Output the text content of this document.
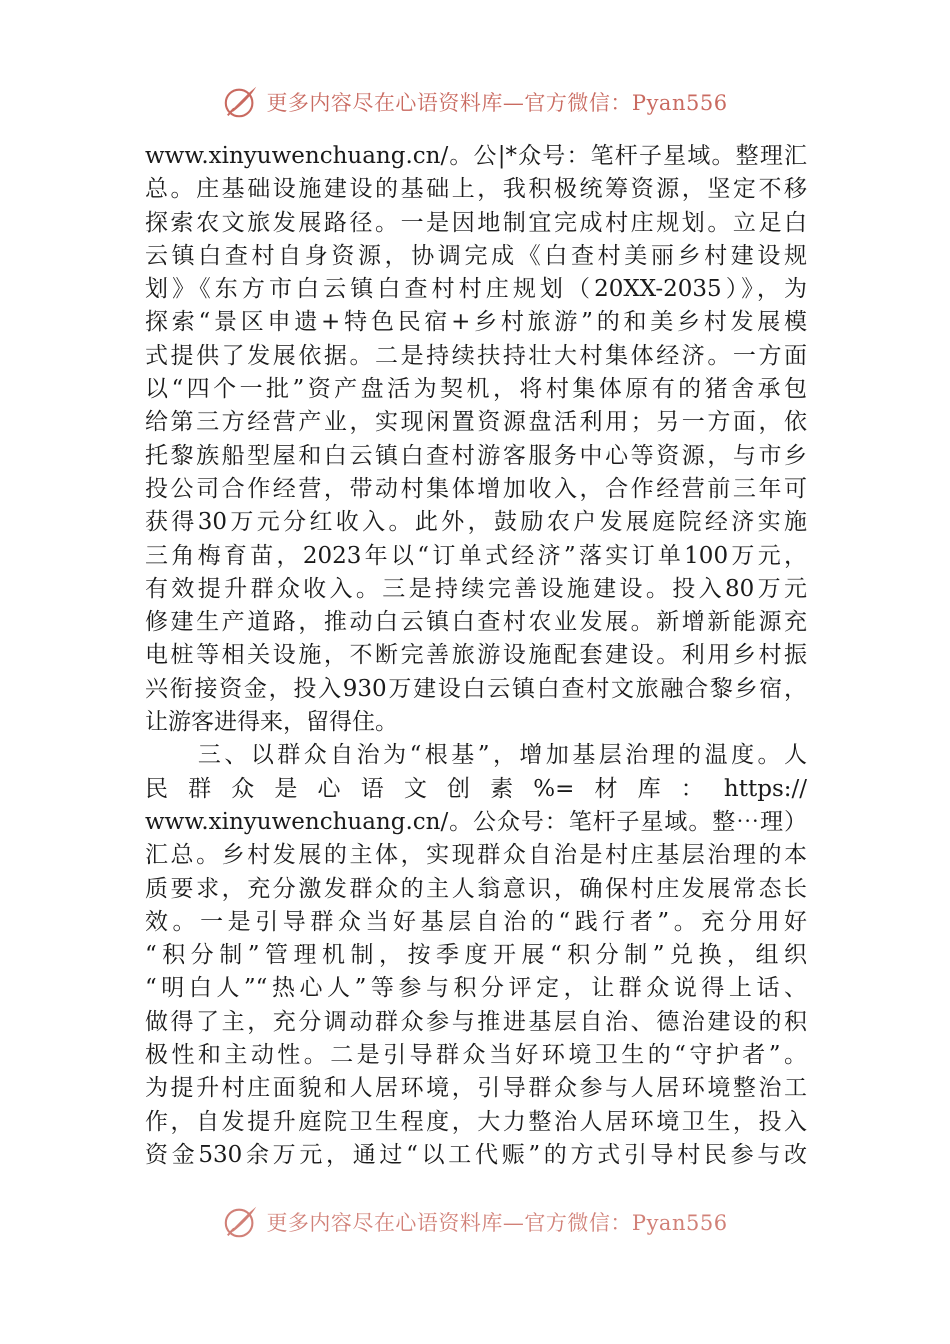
更多内容尽在心语资料库—官方微信：Pyan556
www.xinyuwenchuang.cn/。公|*众号：笔杆子星域。整理汇
总。庄基础设施建设的基础上，我积极统筹资源，坚定不移
探索农文旅发展路径。一是因地制宜完成村庄规划。立足白
云镇白查村自身资源，协调完成《白查村美丽乡村建设规
划》《东方市白云镇白查村村庄规划（20XX-2035）》，为
探索“景区申遗+特色民宿+乡村旅游”的和美乡村发展模
式提供了发展依据。二是持续扶持壮大村集体经济。一方面
以“四个一批”资产盘活为契机，将村集体原有的猪舍承包
给第三方经营产业，实现闲置资源盘活利用；另一方面，依
托黎族船型屋和白云镇白查村游客服务中心等资源，与市乡
投公司合作经营，带动村集体增加收入，合作经营前三年可
获得30万元分红收入。此外，鼓励农户发展庭院经济实施
三角梅育苗，2023年以“订单式经济”落实订单100万元，
有效提升群众收入。三是持续完善设施建设。投入80万元
修建生产道路，推动白云镇白查村农业发展。新增新能源充
电桩等相关设施，不断完善旅游设施配套建设。利用乡村振
兴衔接资金，投入930万建设白云镇白查村文旅融合黎乡宿，
让游客进得来，留得住。
　　三、以群众自治为“根基”，增加基层治理的温度。人
民群众是心语文创素%=材库：https://
www.xinyuwenchuang.cn/。公众号：笔杆子星域。整⋯理）
汇总。乡村发展的主体，实现群众自治是村庄基层治理的本
质要求，充分激发群众的主人翁意识，确保村庄发展常态长
效。一是引导群众当好基层自治的“践行者”。充分用好
“积分制”管理机制，按季度开展“积分制”兑换，组织
“明白人”“热心人”等参与积分评定，让群众说得上话、
做得了主，充分调动群众参与推进基层自治、德治建设的积
极性和主动性。二是引导群众当好环境卫生的“守护者”。
为提升村庄面貌和人居环境，引导群众参与人居环境整治工
作，自发提升庭院卫生程度，大力整治人居环境卫生，投入
资金530余万元，通过“以工代赈”的方式引导村民参与改
更多内容尽在心语资料库—官方微信：Pyan556
